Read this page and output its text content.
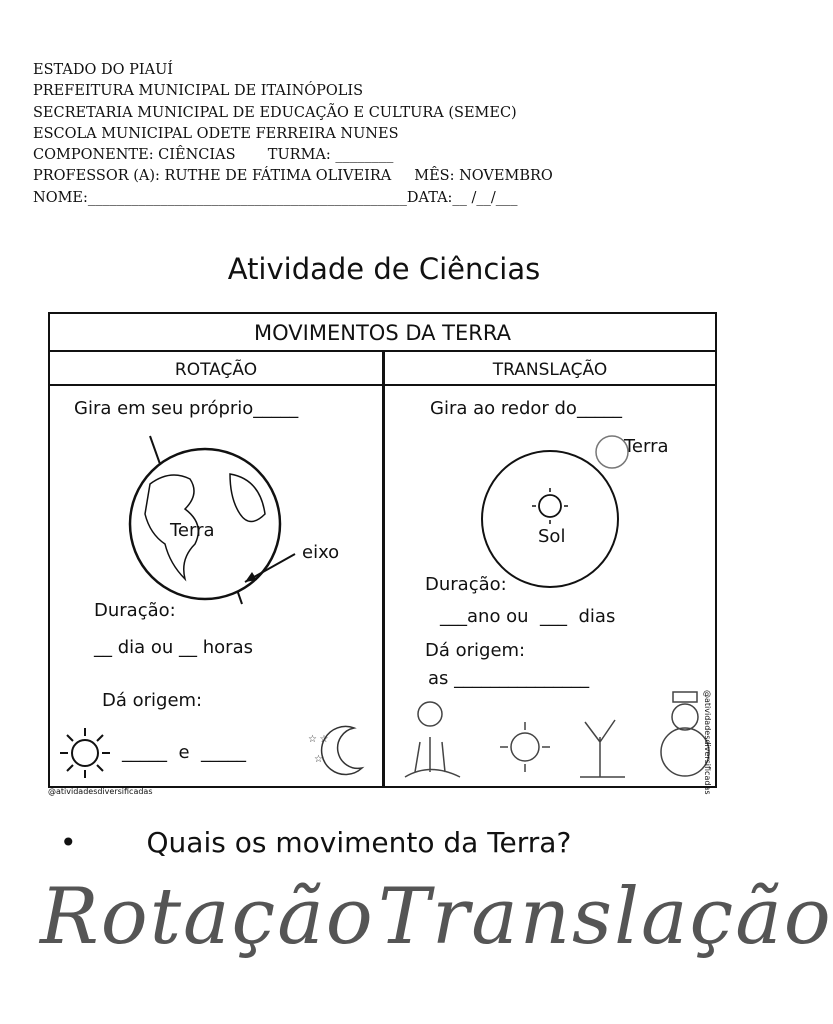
ESTADO DO PIAUÍ
PREFEITURA MUNICIPAL DE ITAINÓPOLIS
SECRETARIA MUNICIPAL DE EDUCAÇÃO E CULTURA (SEMEC)
ESCOLA MUNICIPAL ODETE FERREIRA NUNES
COMPONENTE: CIÊNCIAS       TURMA: ________
PROFESSOR (A): RUTHE DE FÁTIMA OLIVEIRA     MÊS: NOVEMBRO
NOME:____________________________________________DATA:__ /__/___
Atividade de Ciências
MOVIMENTOS DA TERRA
ROTAÇÃO	TRANSLAÇÃO
Gira em seu próprio_____
Terra
eixo
Duração:
__ dia ou __ horas
Dá origem:
_____  e  _____
☆ ☆
☆
Gira ao redor do_____
Terra
Sol
Duração:
___ano ou  ___  dias
Dá origem:
as _______________
@atividadesdiversificadas	@atividadesdiversificadas
•	Quais os movimento da Terra?
Rotação Translação
